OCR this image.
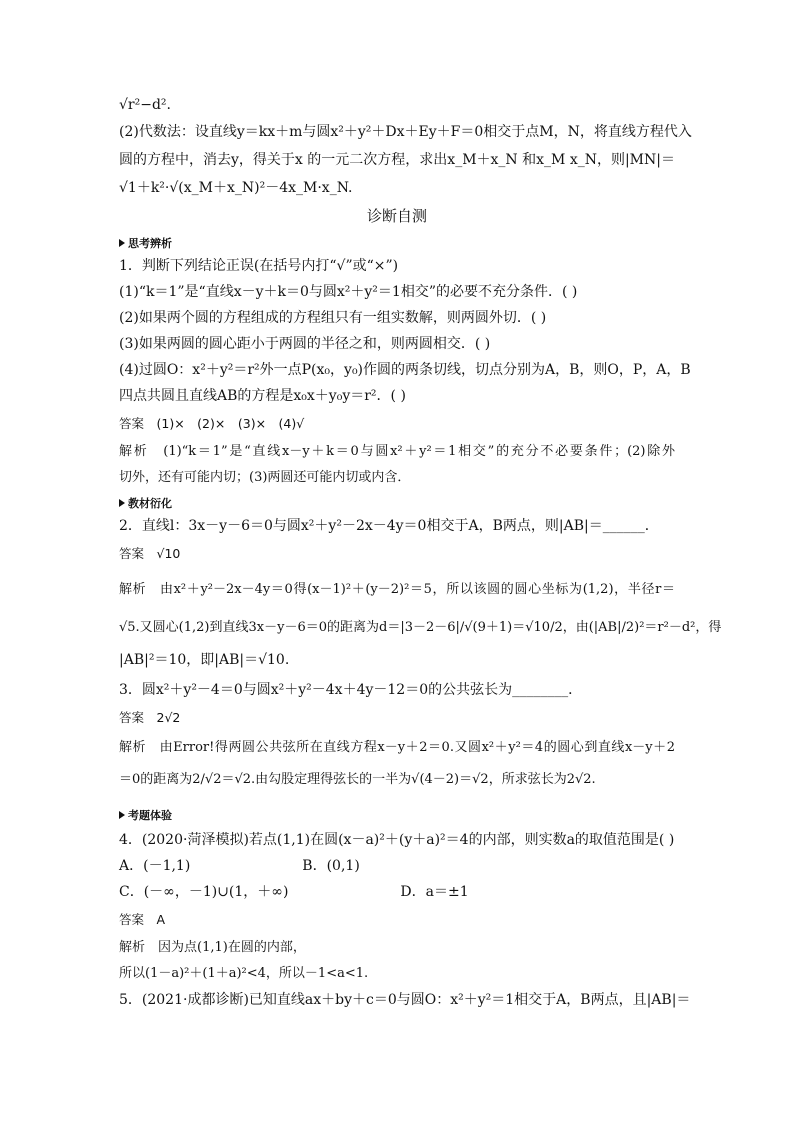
√r²−d².
(2)代数法：设直线y＝kx＋m与圆x²＋y²＋Dx＋Ey＋F＝0相交于点M，N，将直线方程代入
圆的方程中，消去y，得关于x 的一元二次方程，求出x_M＋x_N 和x_M x_N，则|MN|＝
√1＋k²·√(x_M＋x_N)²－4x_M·x_N.
诊断自测
思考辨析
1．判断下列结论正误(在括号内打“√”或“×”)
(1)“k＝1”是“直线x－y＋k＝0与圆x²＋y²＝1相交”的必要不充分条件．( )
(2)如果两个圆的方程组成的方程组只有一组实数解，则两圆外切．( )
(3)如果两圆的圆心距小于两圆的半径之和，则两圆相交．( )
(4)过圆O：x²＋y²＝r²外一点P(x₀，y₀)作圆的两条切线，切点分别为A，B，则O，P，A，B
四点共圆且直线AB的方程是x₀x＋y₀y＝r²．( )
答案　(1)×　(2)×　(3)×　(4)√
解析　(1)“k＝1”是“直线x－y＋k＝0与圆x²＋y²＝1相交”的充分不必要条件；(2)除外
切外，还有可能内切；(3)两圆还可能内切或内含．
教材衍化
2．直线l：3x－y－6＝0与圆x²＋y²－2x－4y＝0相交于A，B两点，则|AB|＝______．
答案　√10
解析　由x²＋y²－2x－4y＝0得(x－1)²＋(y－2)²＝5，所以该圆的圆心坐标为(1,2)，半径r＝
√5.又圆心(1,2)到直线3x－y－6＝0的距离为d＝|3－2－6|/√(9＋1)＝√10/2，由(|AB|/2)²＝r²－d²，得
|AB|²＝10，即|AB|＝√10.
3．圆x²＋y²－4＝0与圆x²＋y²－4x＋4y－12＝0的公共弦长为________．
答案　2√2
解析　由Error!得两圆公共弦所在直线方程x－y＋2＝0.又圆x²＋y²＝4的圆心到直线x－y＋2
＝0的距离为2/√2＝√2.由勾股定理得弦长的一半为√(4－2)＝√2，所求弦长为2√2.
考题体验
4．(2020·菏泽模拟)若点(1,1)在圆(x－a)²＋(y＋a)²＝4的内部，则实数a的取值范围是( )
A．(－1,1)　　　　　　　　B．(0,1)
C．(－∞，－1)∪(1，＋∞)　　　　　　　　D．a＝±1
答案　A
解析　因为点(1,1)在圆的内部，
所以(1－a)²＋(1＋a)²<4，所以－1<a<1.
5．(2021·成都诊断)已知直线ax＋by＋c＝0与圆O：x²＋y²＝1相交于A，B两点，且|AB|＝
